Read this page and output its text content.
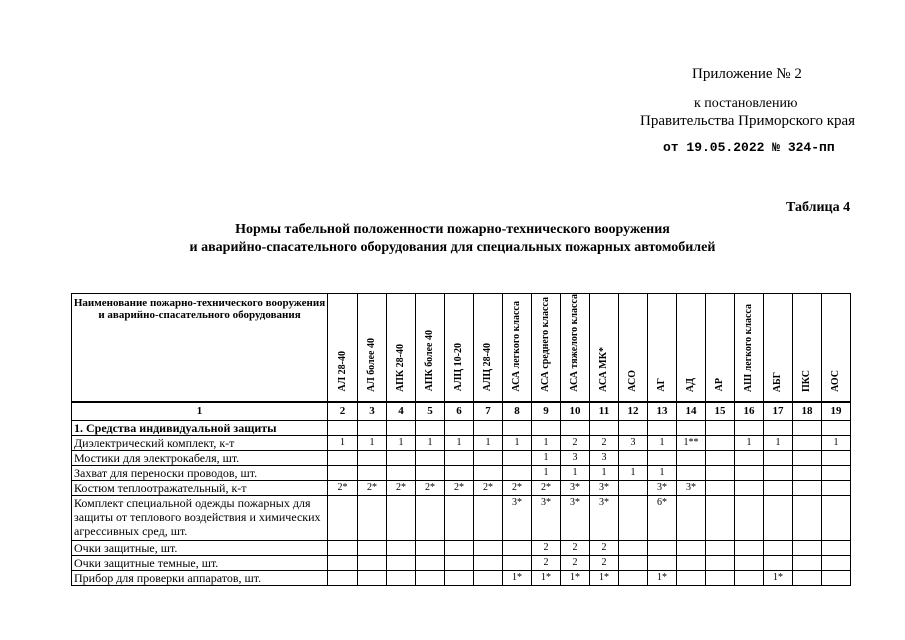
Приложение № 2
к постановлению
Правительства Приморского края
от 19.05.2022 № 324-пп
Таблица 4
Нормы табельной положенности пожарно-технического вооружения
и аварийно-спасательного оборудования для специальных пожарных автомобилей
Наименование пожарно-технического вооружения и аварийно-спасательного оборудования	АЛ 28-40	АЛ более 40	АПК 28-40	АПК более 40	АЛЦ 10-20	АЛЦ 28-40	АСА легкого класса	АСА среднего класса	АСА тяжелого класса	АСА МК*	АСО	АГ	АД	АР	АШ легкого класса	АБГ	ПКС	АОС
1	2	3	4	5	6	7	8	9	10	11	12	13	14	15	16	17	18	19
1. Средства индивидуальной защиты																		
Диэлектрический комплект, к-т	1	1	1	1	1	1	1	1	2	2	3	1	1**		1	1		1
Мостики для электрокабеля, шт.								1	3	3								
Захват для переноски проводов, шт.								1	1	1	1	1						
Костюм теплоотражательный, к-т	2*	2*	2*	2*	2*	2*	2*	2*	3*	3*		3*	3*					
Комплект специальной одежды пожарных для защиты от теплового воздействия и химических агрессивных сред, шт.							3*	3*	3*	3*		6*						
Очки защитные, шт.								2	2	2								
Очки защитные темные, шт.								2	2	2								
Прибор для проверки аппаратов, шт.							1*	1*	1*	1*		1*				1*		
